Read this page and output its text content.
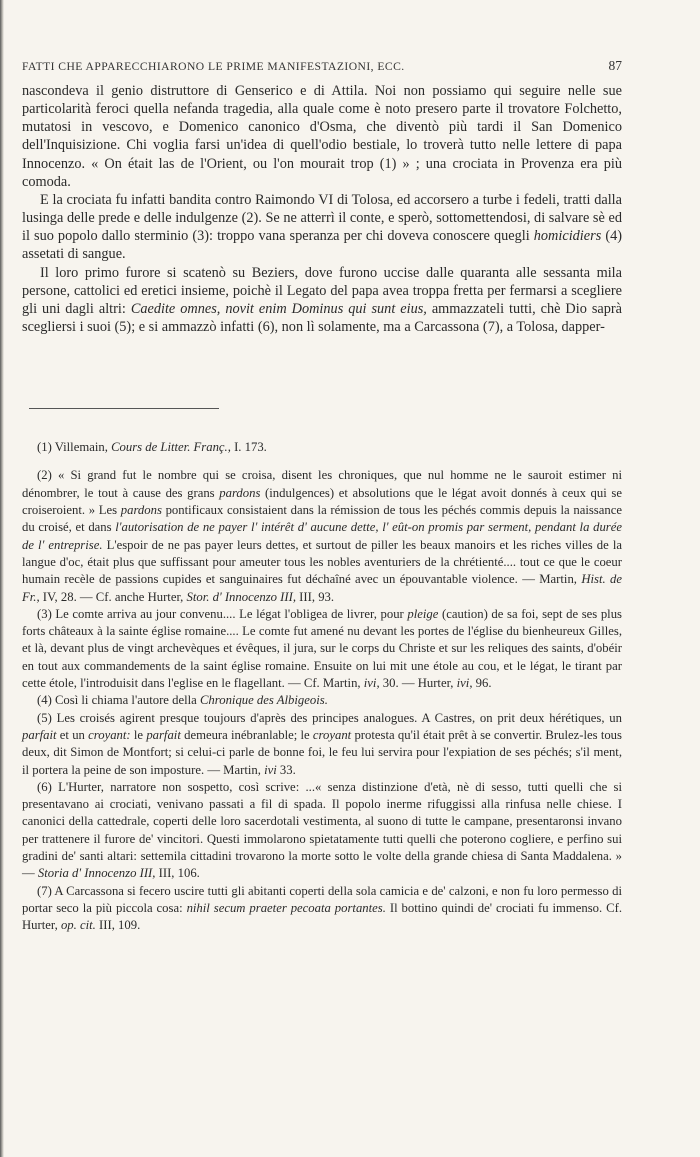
FATTI CHE APPARECCHIARONO LE PRIME MANIFESTAZIONI, ECC.	87

nascondeva il genio distruttore di Genserico e di Attila. Noi non possiamo qui seguire nelle sue particolarità feroci quella nefanda tragedia, alla quale come è noto presero parte il trovatore Folchetto, mutatosi in vescovo, e Domenico canonico d'Osma, che diventò più tardi il San Domenico dell'Inquisizione. Chi voglia farsi un'idea di quell'odio bestiale, lo troverà tutto nelle lettere di papa Innocenzo. « On était las de l'Orient, ou l'on mourait trop (1) » ; una crociata in Provenza era più comoda.

E la crociata fu infatti bandita contro Raimondo VI di Tolosa, ed accorsero a turbe i fedeli, tratti dalla lusinga delle prede e delle indulgenze (2). Se ne atterrì il conte, e sperò, sottomettendosi, di salvare sè ed il suo popolo dallo sterminio (3): troppo vana speranza per chi doveva conoscere quegli homicidiers (4) assetati di sangue.

Il loro primo furore si scatenò su Beziers, dove furono uccise dalle quaranta alle sessanta mila persone, cattolici ed eretici insieme, poichè il Legato del papa avea troppa fretta per fermarsi a scegliere gli uni dagli altri: Caedite omnes, novit enim Dominus qui sunt eius, ammazzateli tutti, chè Dio saprà scegliersi i suoi (5); e si ammazzò infatti (6), non lì solamente, ma a Carcassona (7), a Tolosa, dapper-

(1) Villemain, Cours de Litter. Franç., I. 173.

(2) « Si grand fut le nombre qui se croisa, disent les chroniques, que nul homme ne le sauroit estimer ni dénombrer, le tout à cause des grans pardons (indulgences) et absolutions que le légat avoit donnés à ceux qui se croiseroient. » Les pardons pontificaux consistaient dans la rémission de tous les péchés commis depuis la naissance du croisé, et dans l'autorisation de ne payer l' intérêt d' aucune dette, l' eût-on promis par serment, pendant la durée de l' entreprise. L'espoir de ne pas payer leurs dettes, et surtout de piller les beaux manoirs et les riches villes de la langue d'oc, était plus que suffissant pour ameuter tous les nobles aventuriers de la chrétienté.... tout ce que le coeur humain recèle de passions cupides et sanguinaires fut déchaîné avec un épouvantable violence. — Martin, Hist. de Fr., IV, 28. — Cf. anche Hurter, Stor. d' Innocenzo III, III, 93.

(3) Le comte arriva au jour convenu.... Le légat l'obligea de livrer, pour pleige (caution) de sa foi, sept de ses plus forts châteaux à la sainte église romaine.... Le comte fut amené nu devant les portes de l'église du bienheureux Gilles, et là, devant plus de vingt archevèques et évêques, il jura, sur le corps du Christe et sur les reliques des saints, d'obéir en tout aux commandements de la saint église romaine. Ensuite on lui mit une étole au cou, et le légat, le tirant par cette étole, l'introduisit dans l'eglise en le flagellant. — Cf. Martin, ivi, 30. — Hurter, ivi, 96.

(4) Così li chiama l'autore della Chronique des Albigeois.

(5) Les croisés agirent presque toujours d'après des principes analogues. A Castres, on prit deux hérétiques, un parfait et un croyant: le parfait demeura inébranlable; le croyant protesta qu'il était prêt à se convertir. Brulez-les tous deux, dit Simon de Montfort; si celui-ci parle de bonne foi, le feu lui servira pour l'expiation de ses péchés; s'il ment, il portera la peine de son imposture. — Martin, ivi 33.

(6) L'Hurter, narratore non sospetto, così scrive: ...« senza distinzione d'età, nè di sesso, tutti quelli che si presentavano ai crociati, venivano passati a fil di spada. Il popolo inerme rifuggissi alla rinfusa nelle chiese. I canonici della cattedrale, coperti delle loro sacerdotali vestimenta, al suono di tutte le campane, presentaronsi invano per trattenere il furore de' vincitori. Questi immolarono spietatamente tutti quelli che poterono cogliere, e perfino sui gradini de' santi altari: settemila cittadini trovarono la morte sotto le volte della grande chiesa di Santa Maddalena. » — Storia d' Innocenzo III, III, 106.

(7) A Carcassona si fecero uscire tutti gli abitanti coperti della sola camicia e de' calzoni, e non fu loro permesso di portar seco la più piccola cosa: nihil secum praeter pecoata portantes. Il bottino quindi de' crociati fu immenso. Cf. Hurter, op. cit. III, 109.
